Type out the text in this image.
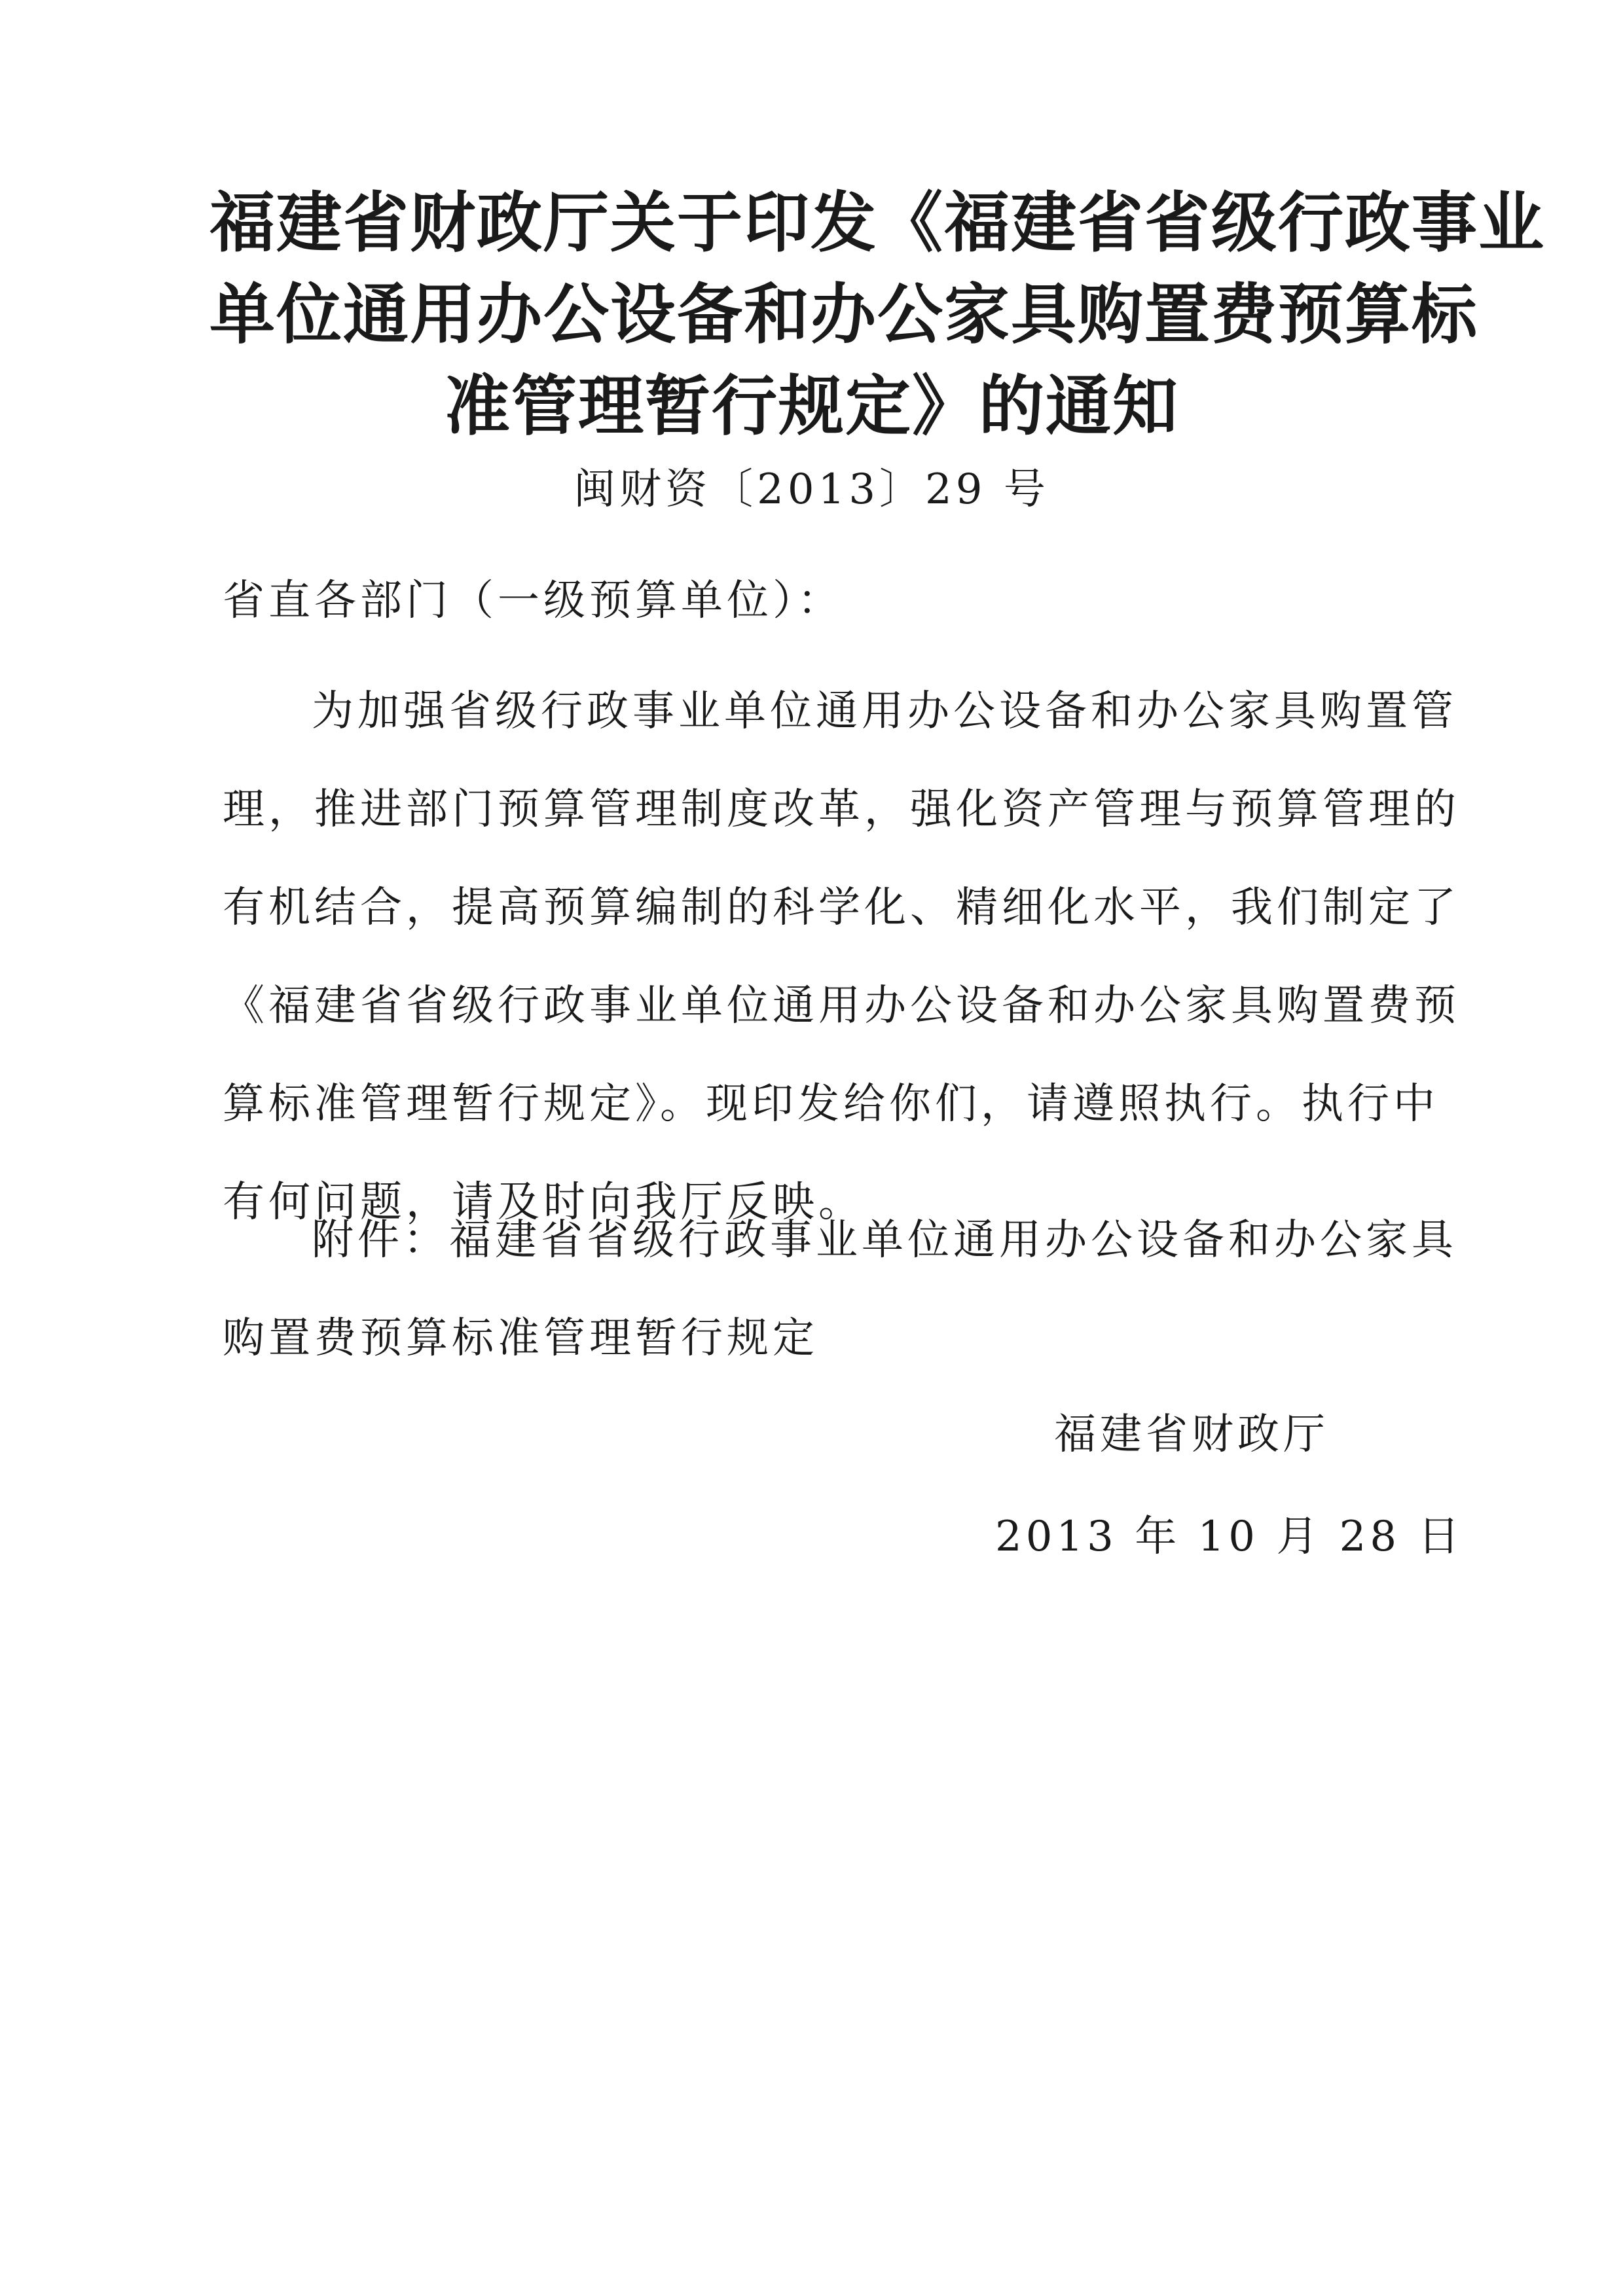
福建省财政厅关于印发《福建省省级行政事业
单位通用办公设备和办公家具购置费预算标
准管理暂行规定》的通知
闽财资〔2013〕29 号
省直各部门（一级预算单位）：
为加强省级行政事业单位通用办公设备和办公家具购置管
理，推进部门预算管理制度改革，强化资产管理与预算管理的
有机结合，提高预算编制的科学化、精细化水平，我们制定了
《福建省省级行政事业单位通用办公设备和办公家具购置费预
算标准管理暂行规定》。现印发给你们，请遵照执行。执行中
有何问题，请及时向我厅反映。
附件：福建省省级行政事业单位通用办公设备和办公家具
购置费预算标准管理暂行规定
福建省财政厅
2013 年 10 月 28 日
